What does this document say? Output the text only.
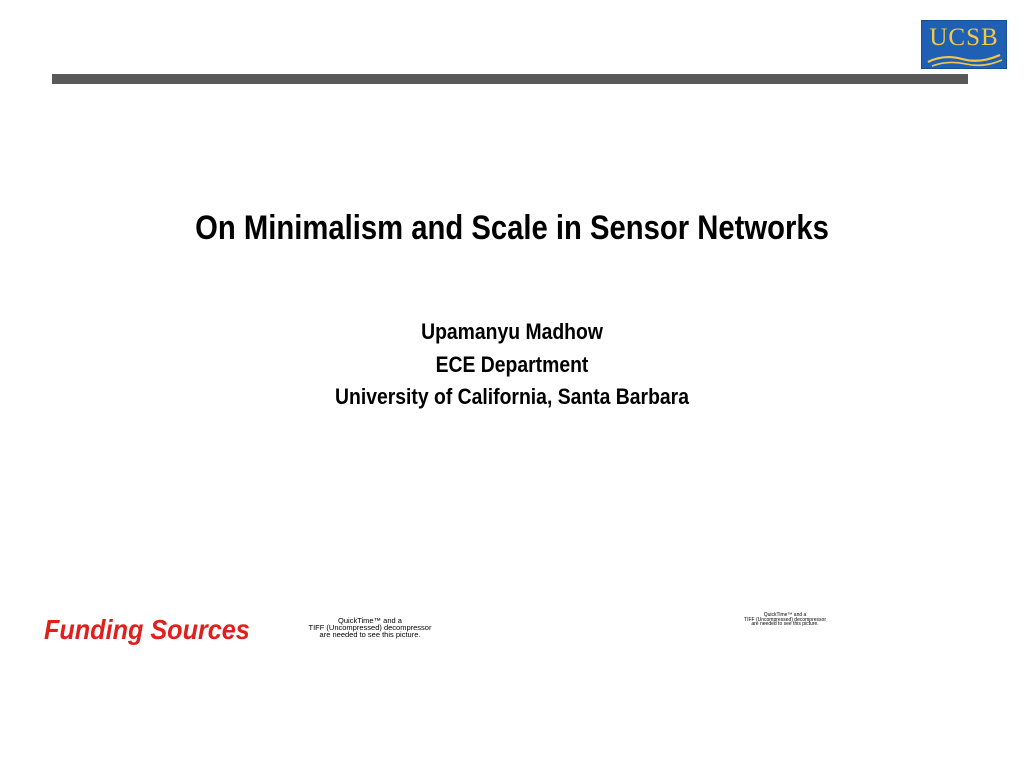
UCSB
On Minimalism and Scale in Sensor Networks
Upamanyu Madhow
ECE Department
University of California, Santa Barbara
Funding Sources	QuickTime™ and a
TIFF (Uncompressed) decompressor
are needed to see this picture.
QuickTime™ and a
TIFF (Uncompressed) decompressor
are needed to see this picture.
